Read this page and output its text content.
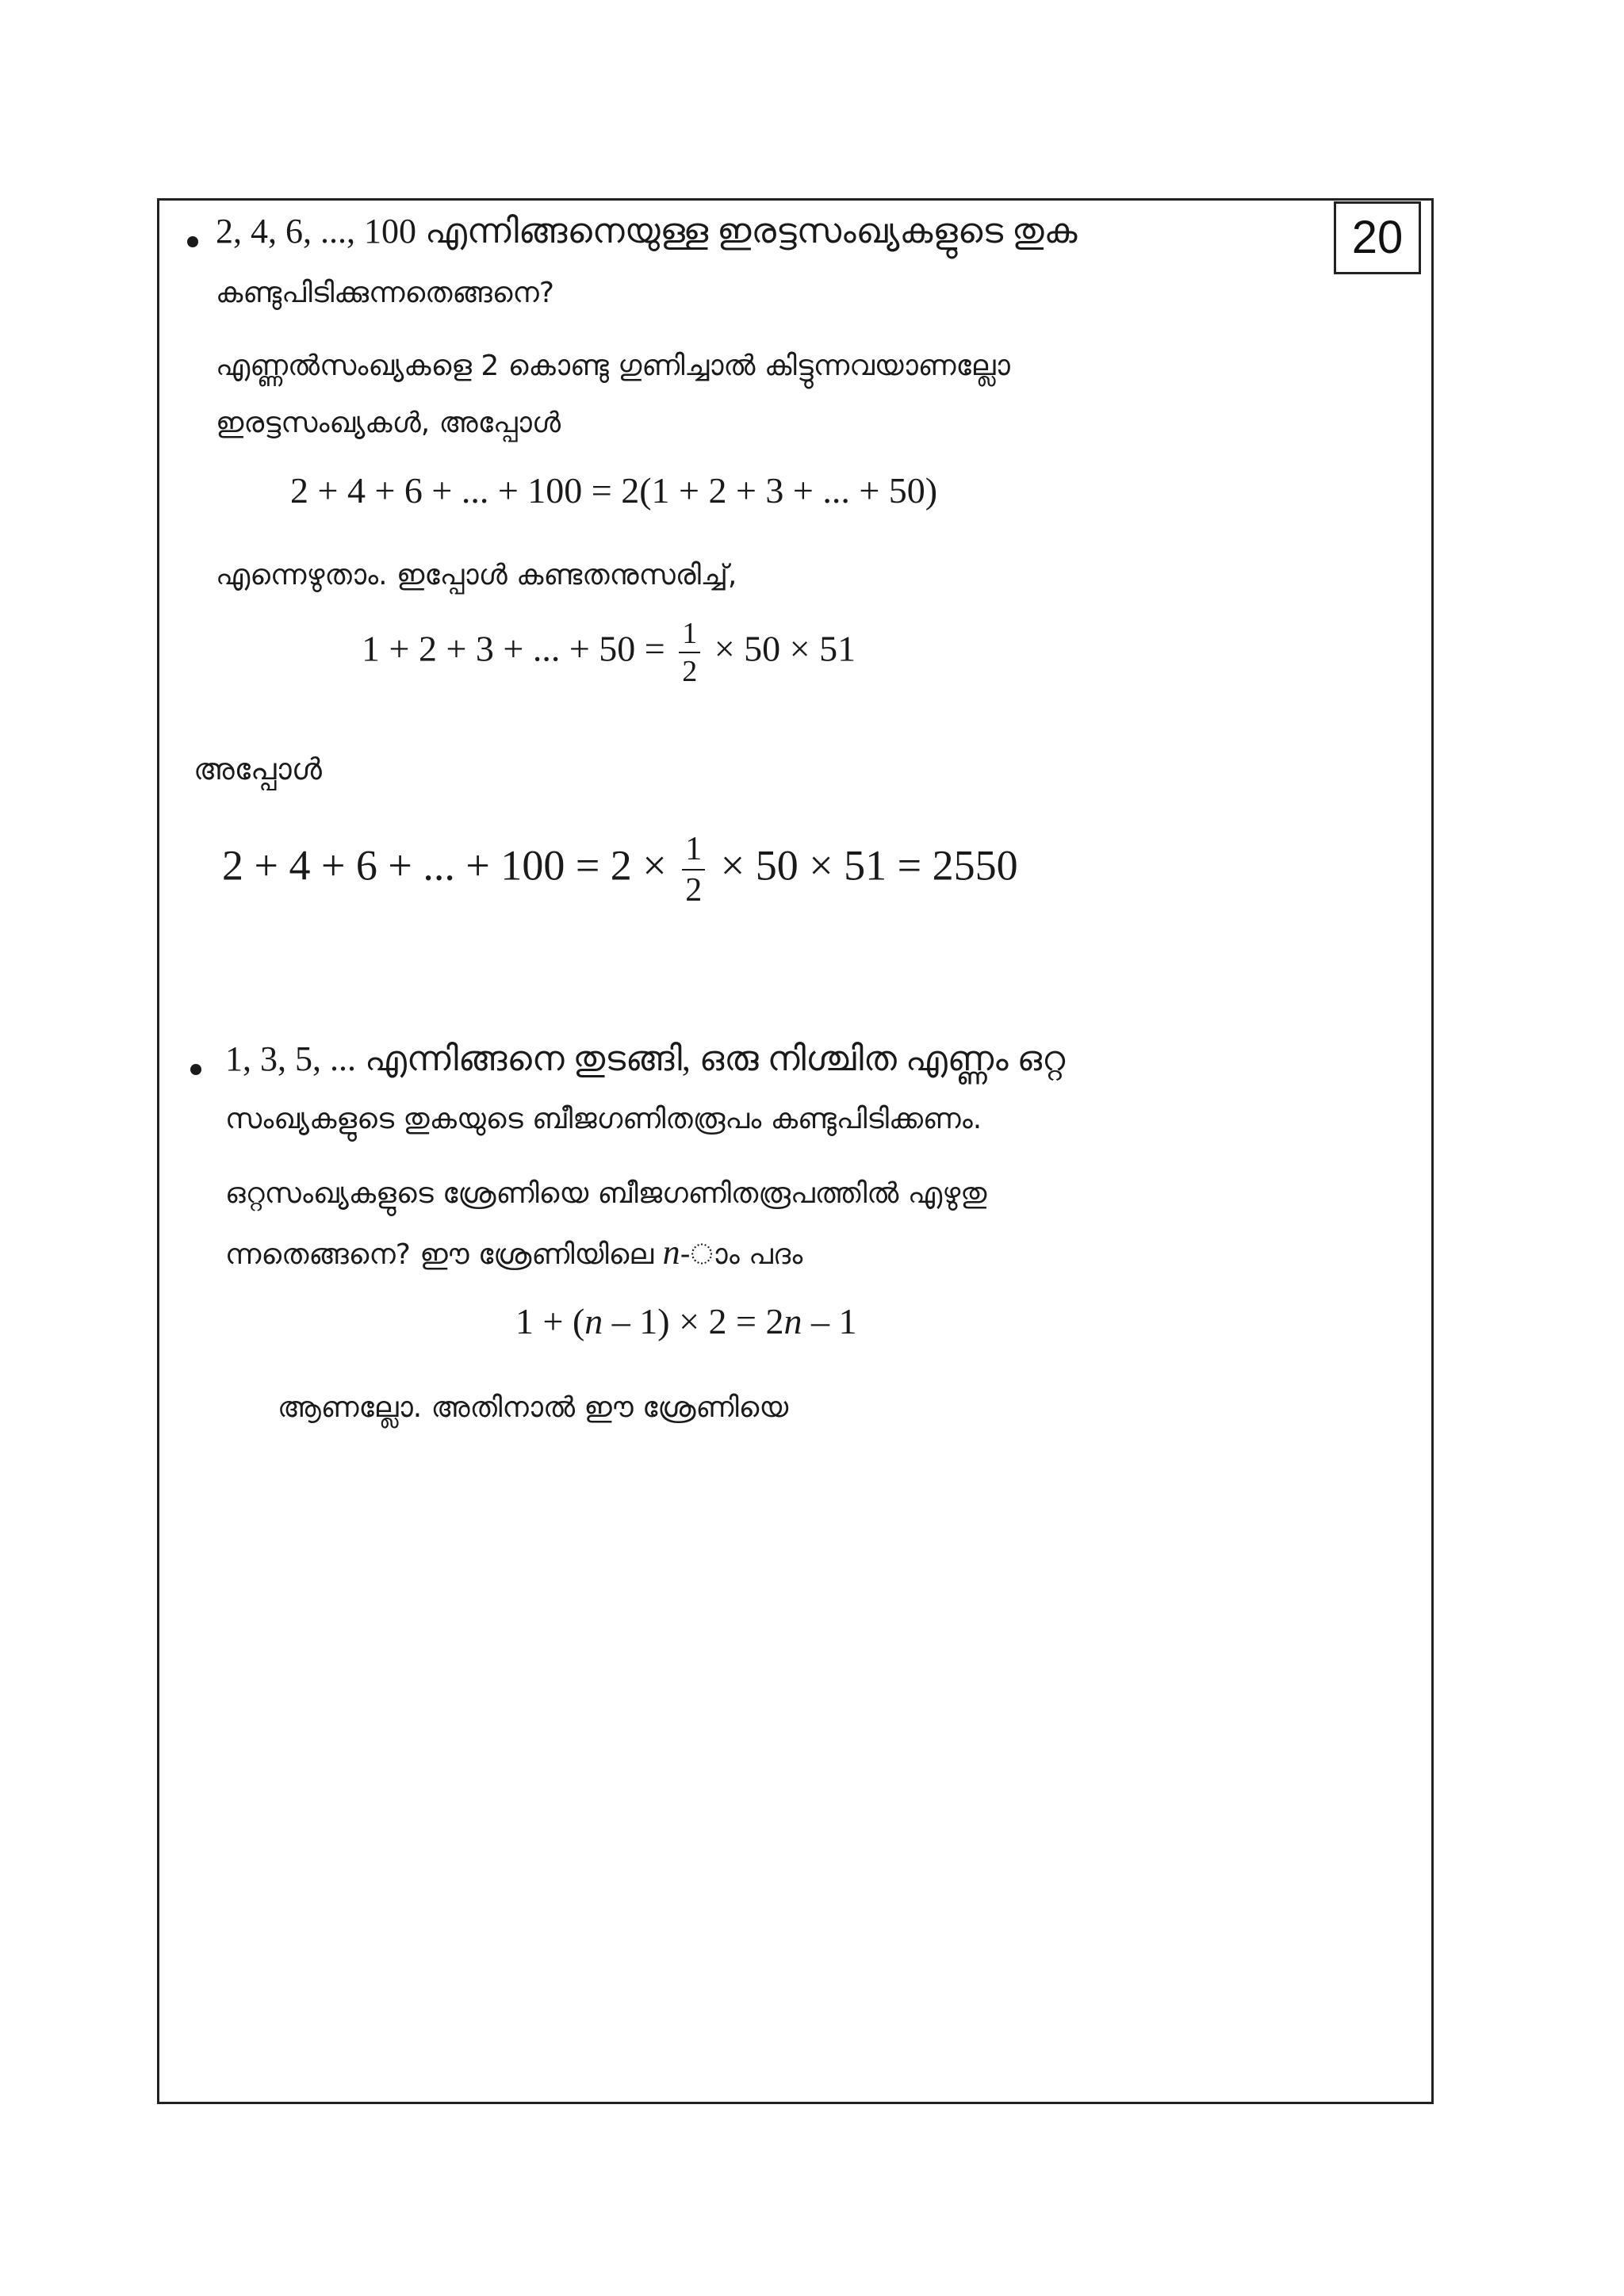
20
2, 4, 6, ..., 100 എന്നിങ്ങനെയുള്ള ഇരട്ടസംഖ്യകളുടെ തുക
കണ്ടുപിടിക്കുന്നതെങ്ങനെ?
എണ്ണൽസംഖ്യകളെ 2 കൊണ്ടു ഗുണിച്ചാൽ കിട്ടുന്നവയാണല്ലോ
ഇരട്ടസംഖ്യകൾ, അപ്പോൾ
2 + 4 + 6 + ... + 100 = 2(1 + 2 + 3 + ... + 50)
എന്നെഴുതാം. ഇപ്പോൾ കണ്ടതനുസരിച്ച്,
1 + 2 + 3 + ... + $50 = \frac{1}{2} \times 50 \times 51$
അപ്പോൾ
2 + 4 + 6 + ... + $100 = 2 \times \frac{1}{2} \times 50 \times 51 = 2550$
1, 3, 5, ... എന്നിങ്ങനെ തുടങ്ങി, ഒരു നിശ്ചിത എണ്ണം ഒറ്റ
സംഖ്യകളുടെ തുകയുടെ ബീജഗണിതരൂപം കണ്ടുപിടിക്കണം.
ഒറ്റസംഖ്യകളുടെ ശ്രേണിയെ ബീജഗണിതരൂപത്തിൽ എഴുതു
ന്നതെങ്ങനെ? ഈ ശ്രേണിയിലെ n-ാം പദം
1 + (n – 1) × 2 = 2n – 1
ആണല്ലോ. അതിനാൽ ഈ ശ്രേണിയെ
